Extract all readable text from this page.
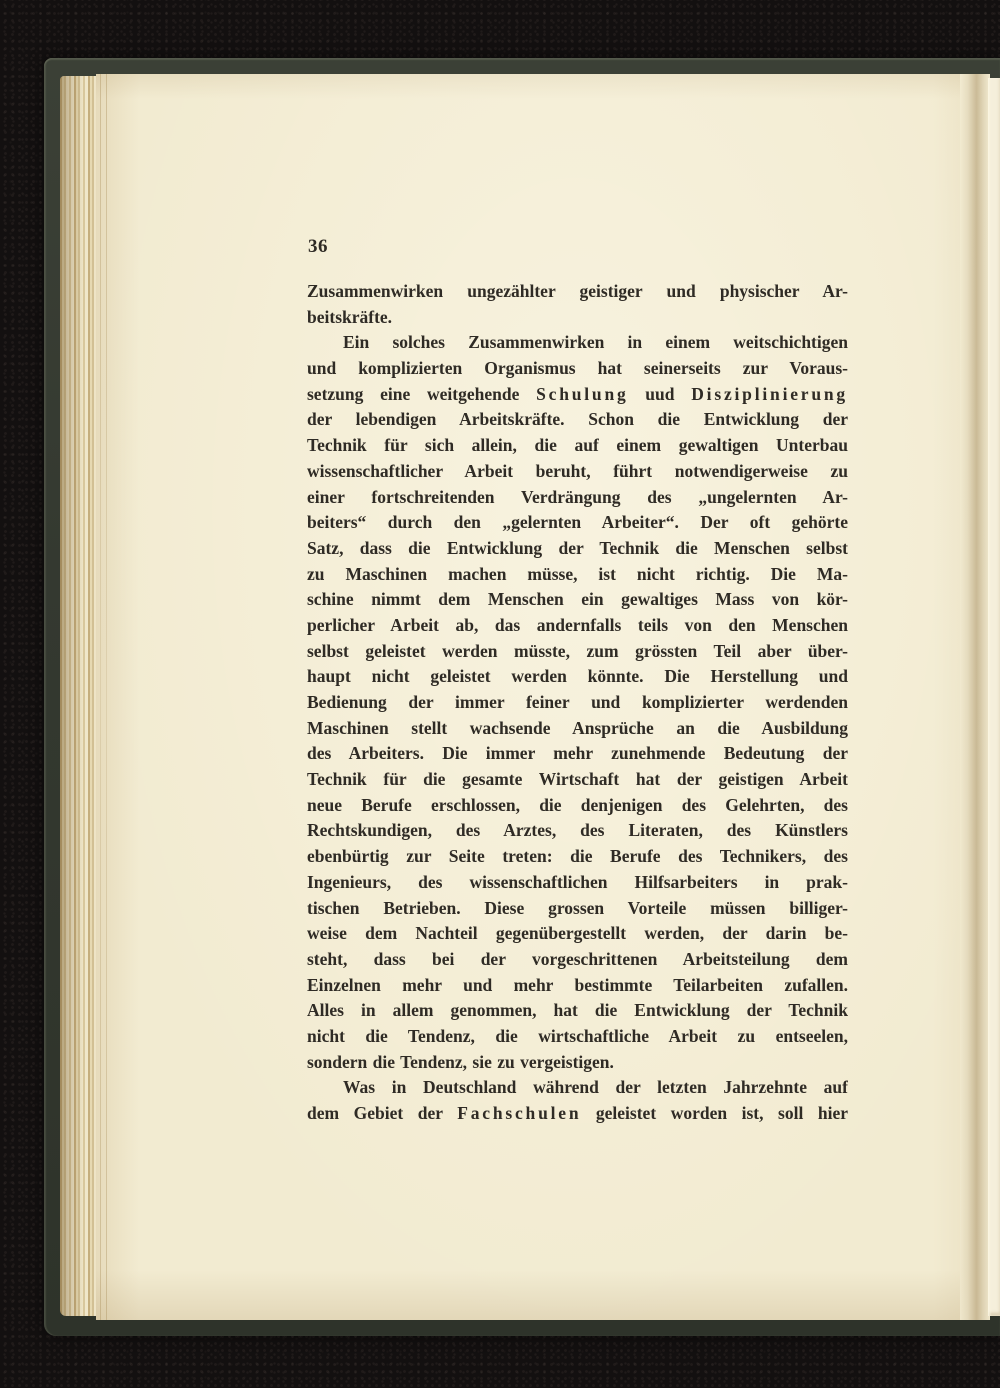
36
Zusammenwirken ungezählter geistiger und physischer Ar-
beitskräfte.
Ein solches Zusammenwirken in einem weitschichtigen
und komplizierten Organismus hat seinerseits zur Voraus-
setzung eine weitgehende Schulung uud Disziplinierung
der lebendigen Arbeitskräfte. Schon die Entwicklung der
Technik für sich allein, die auf einem gewaltigen Unterbau
wissenschaftlicher Arbeit beruht, führt notwendigerweise zu
einer fortschreitenden Verdrängung des „ungelernten Ar-
beiters“ durch den „gelernten Arbeiter“. Der oft gehörte
Satz, dass die Entwicklung der Technik die Menschen selbst
zu Maschinen machen müsse, ist nicht richtig. Die Ma-
schine nimmt dem Menschen ein gewaltiges Mass von kör-
perlicher Arbeit ab, das andernfalls teils von den Menschen
selbst geleistet werden müsste, zum grössten Teil aber über-
haupt nicht geleistet werden könnte. Die Herstellung und
Bedienung der immer feiner und komplizierter werdenden
Maschinen stellt wachsende Ansprüche an die Ausbildung
des Arbeiters. Die immer mehr zunehmende Bedeutung der
Technik für die gesamte Wirtschaft hat der geistigen Arbeit
neue Berufe erschlossen, die denjenigen des Gelehrten, des
Rechtskundigen, des Arztes, des Literaten, des Künstlers
ebenbürtig zur Seite treten: die Berufe des Technikers, des
Ingenieurs, des wissenschaftlichen Hilfsarbeiters in prak-
tischen Betrieben. Diese grossen Vorteile müssen billiger-
weise dem Nachteil gegenübergestellt werden, der darin be-
steht, dass bei der vorgeschrittenen Arbeitsteilung dem
Einzelnen mehr und mehr bestimmte Teilarbeiten zufallen.
Alles in allem genommen, hat die Entwicklung der Technik
nicht die Tendenz, die wirtschaftliche Arbeit zu entseelen,
sondern die Tendenz, sie zu vergeistigen.
Was in Deutschland während der letzten Jahrzehnte auf
dem Gebiet der Fachschulen geleistet worden ist, soll hier
